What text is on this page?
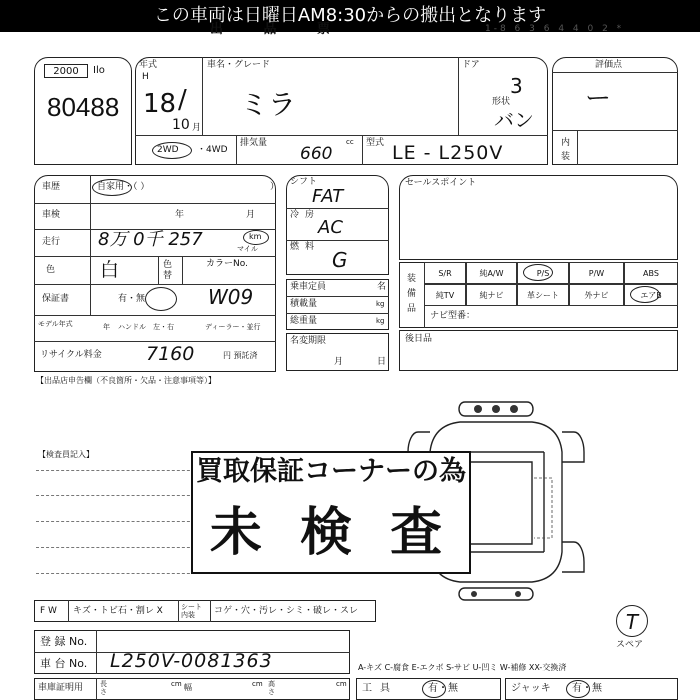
この車両は日曜日AM8:30からの搬出となります
出 品 票	1-8 6 3 6 4 4 0 2 *
2000	Ilo
80488
年式
H
18 /
10 月
車名・グレード
ミラ
ドア
3
形状
バン
2WD ・4WD
排気量	cc
660
型式 LE - L250V
評価点
ー
内装
車歴	自家用・（ ）	）
車検	年	月
走行 8万 0千 257	km
マイル
色 白	色替
カラーNo.
保証書	有・無	W09
モデル年式	年 ハンドル　左・右	ディーラー・並行
リサイクル料金 7160	円 預託済
シフト
FAT
冷房
AC
燃料
G
乗車定員	名
積載量	kg
総重量	kg
名変期限
月	日
セールスポイント
装備品
S/R	純A/W	P/S	P/W	ABS
純TV	純ナビ	革シート	外ナビ	エアB
ナビ型番：
後日品
【出品店申告欄（不良箇所・欠品・注意事項等）】
【検査員記入】
買取保証コーナーの為
未 検 査
T
スペア
F W キズ・トビ石・割レ X	シート内装	コゲ・穴・汚レ・シミ・破レ・スレ
登 録 No.
車 台 No. L250V-0081363	A-キズ C-腐食 E-エクボ S-サビ U-凹ミ W-補修 XX-交換済
車庫証明用 長さ
cm 幅	cm 高さ
cm 工具	有・無	ジャッキ 有・無
